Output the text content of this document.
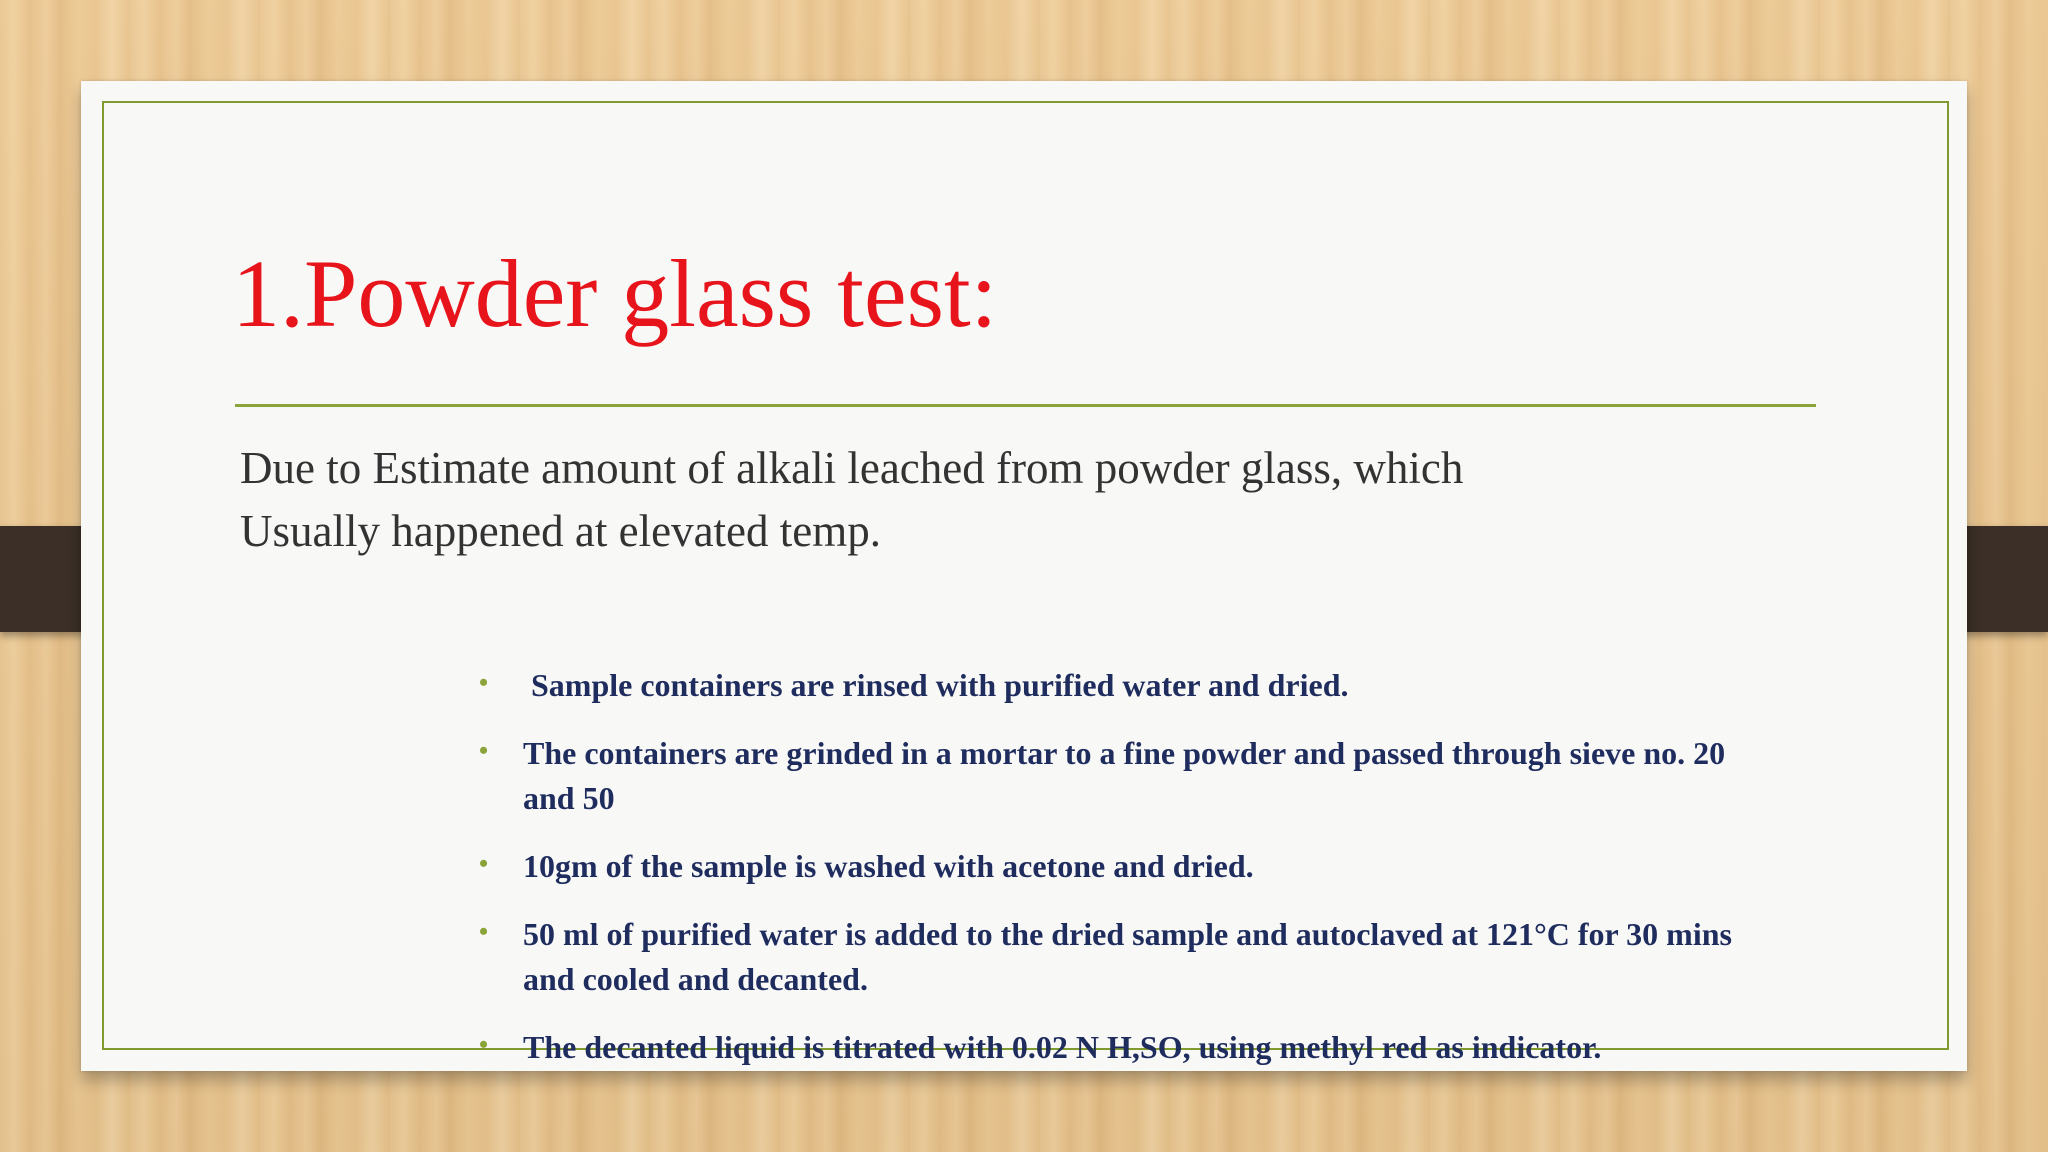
1.Powder glass test:

Due to Estimate amount of alkali leached from powder glass, which
Usually happened at elevated temp.

• Sample containers are rinsed with purified water and dried.
• The containers are grinded in a mortar to a fine powder and passed through sieve no. 20 and 50
• 10gm of the sample is washed with acetone and dried.
• 50 ml of purified water is added to the dried sample and autoclaved at 121°C for 30 mins and cooled and decanted.
• The decanted liquid is titrated with 0.02 N H,SO, using methyl red as indicator.
